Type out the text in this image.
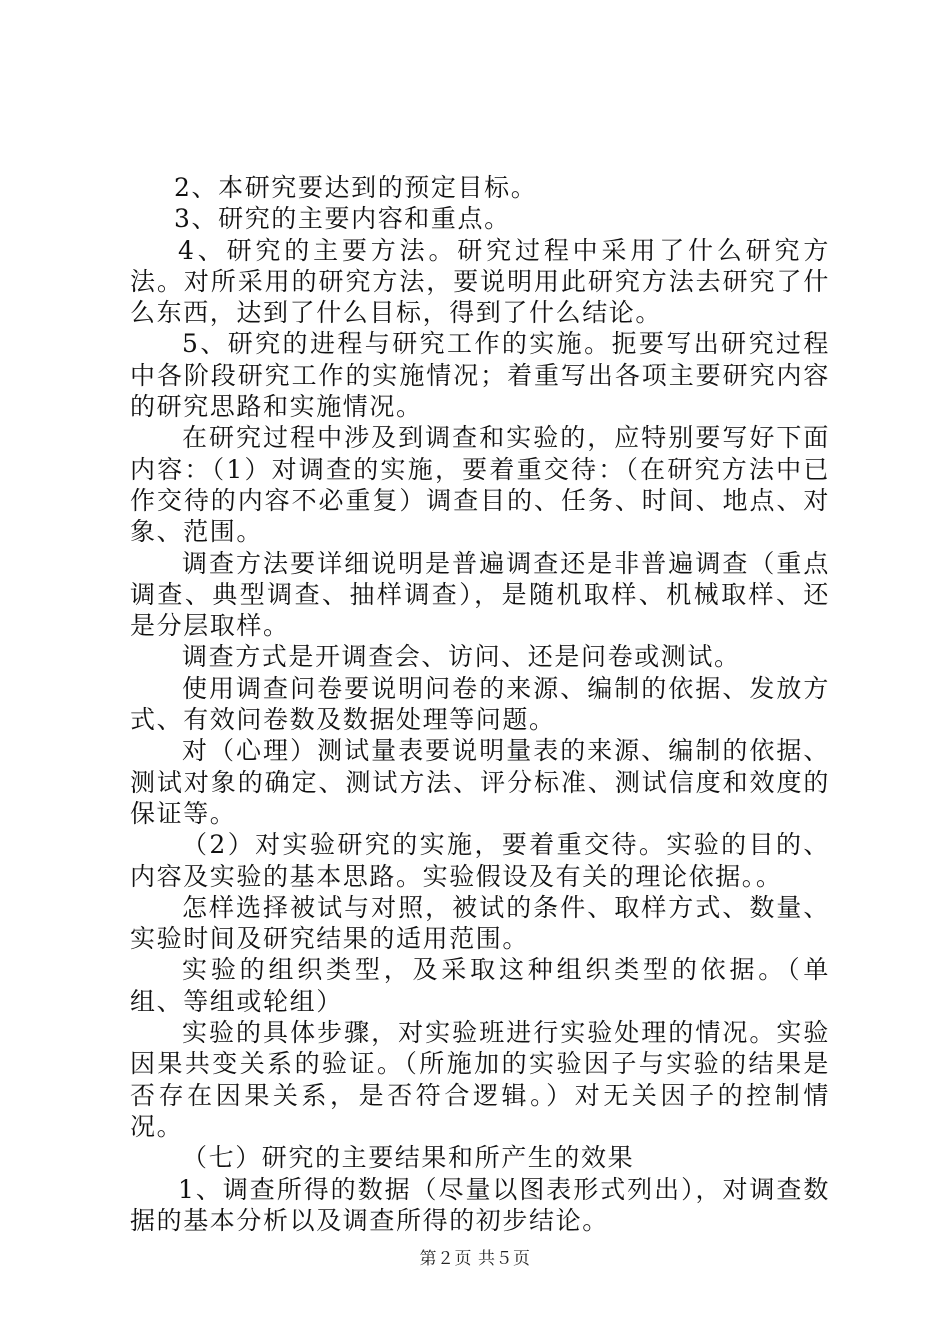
2、本研究要达到的预定目标。

3、研究的主要内容和重点。

4、研究的主要方法。研究过程中采用了什么研究方法。对所采用的研究方法，要说明用此研究方法去研究了什么东西，达到了什么目标，得到了什么结论。

5、研究的进程与研究工作的实施。扼要写出研究过程中各阶段研究工作的实施情况；着重写出各项主要研究内容的研究思路和实施情况。

在研究过程中涉及到调查和实验的，应特别要写好下面内容：（1）对调查的实施，要着重交待：（在研究方法中已作交待的内容不必重复）调查目的、任务、时间、地点、对象、范围。

调查方法要详细说明是普遍调查还是非普遍调查（重点调查、典型调查、抽样调查），是随机取样、机械取样、还是分层取样。

调查方式是开调查会、访问、还是问卷或测试。

使用调查问卷要说明问卷的来源、编制的依据、发放方式、有效问卷数及数据处理等问题。

对（心理）测试量表要说明量表的来源、编制的依据、测试对象的确定、测试方法、评分标准、测试信度和效度的保证等。

（2）对实验研究的实施，要着重交待。实验的目的、内容及实验的基本思路。实验假设及有关的理论依据。。

怎样选择被试与对照，被试的条件、取样方式、数量、实验时间及研究结果的适用范围。

实验的组织类型，及采取这种组织类型的依据。（单组、等组或轮组）

实验的具体步骤，对实验班进行实验处理的情况。实验因果共变关系的验证。（所施加的实验因子与实验的结果是否存在因果关系，是否符合逻辑。）对无关因子的控制情况。

（七）研究的主要结果和所产生的效果

1、调查所得的数据（尽量以图表形式列出），对调查数据的基本分析以及调查所得的初步结论。

第２页 共５页
